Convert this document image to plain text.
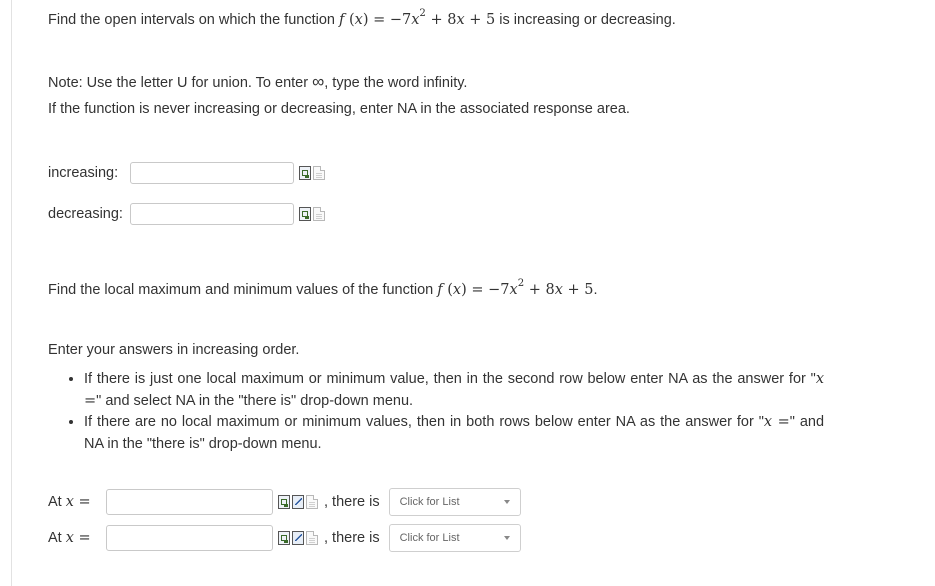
Find the open intervals on which the function f $(x) = -7x^2 + 8x + 5$ is increasing or decreasing.
Note: Use the letter U for union. To enter ∞, type the word infinity.
If the function is never increasing or decreasing, enter NA in the associated response area.
increasing:
decreasing:
Find the local maximum and minimum values of the function f $(x) = -7x^2 + 8x + 5$.
Enter your answers in increasing order.
• If there is just one local maximum or minimum value, then in the second row below enter NA as the answer for "x =" and select NA in the "there is" drop-down menu.
• If there are no local maximum or minimum values, then in both rows below enter NA as the answer for "x =" and NA in the "there is" drop-down menu.
At x =	, there is Click for List
At x =	, there is Click for List
